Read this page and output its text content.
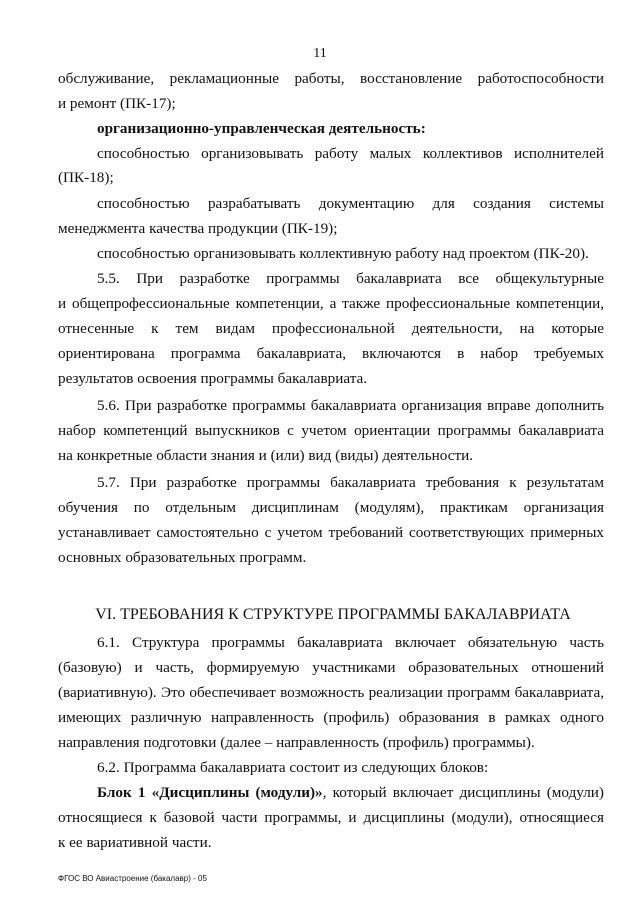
11
обслуживание, рекламационные работы, восстановление работоспособности
и ремонт (ПК-17);
организационно-управленческая деятельность:
способностью организовывать работу малых коллективов исполнителей
(ПК-18);
способностью разрабатывать документацию для создания системы
менеджмента качества продукции (ПК-19);
способностью организовывать коллективную работу над проектом (ПК-20).
5.5. При разработке программы бакалавриата все общекультурные
и общепрофессиональные компетенции, а также профессиональные компетенции,
отнесенные к тем видам профессиональной деятельности, на которые
ориентирована программа бакалавриата, включаются в набор требуемых
результатов освоения программы бакалавриата.
5.6. При разработке программы бакалавриата организация вправе дополнить
набор компетенций выпускников с учетом ориентации программы бакалавриата
на конкретные области знания и (или) вид (виды) деятельности.
5.7. При разработке программы бакалавриата требования к результатам
обучения по отдельным дисциплинам (модулям), практикам организация
устанавливает самостоятельно с учетом требований соответствующих примерных
основных образовательных программ.
VI. ТРЕБОВАНИЯ К СТРУКТУРЕ ПРОГРАММЫ БАКАЛАВРИАТА
6.1. Структура программы бакалавриата включает обязательную часть
(базовую) и часть, формируемую участниками образовательных отношений
(вариативную). Это обеспечивает возможность реализации программ бакалавриата,
имеющих различную направленность (профиль) образования в рамках одного
направления подготовки (далее – направленность (профиль) программы).
6.2. Программа бакалавриата состоит из следующих блоков:
Блок 1 «Дисциплины (модули)», который включает дисциплины (модули)
относящиеся к базовой части программы, и дисциплины (модули), относящиеся
к ее вариативной части.
ФГОС ВО Авиастроение (бакалавр) - 05
